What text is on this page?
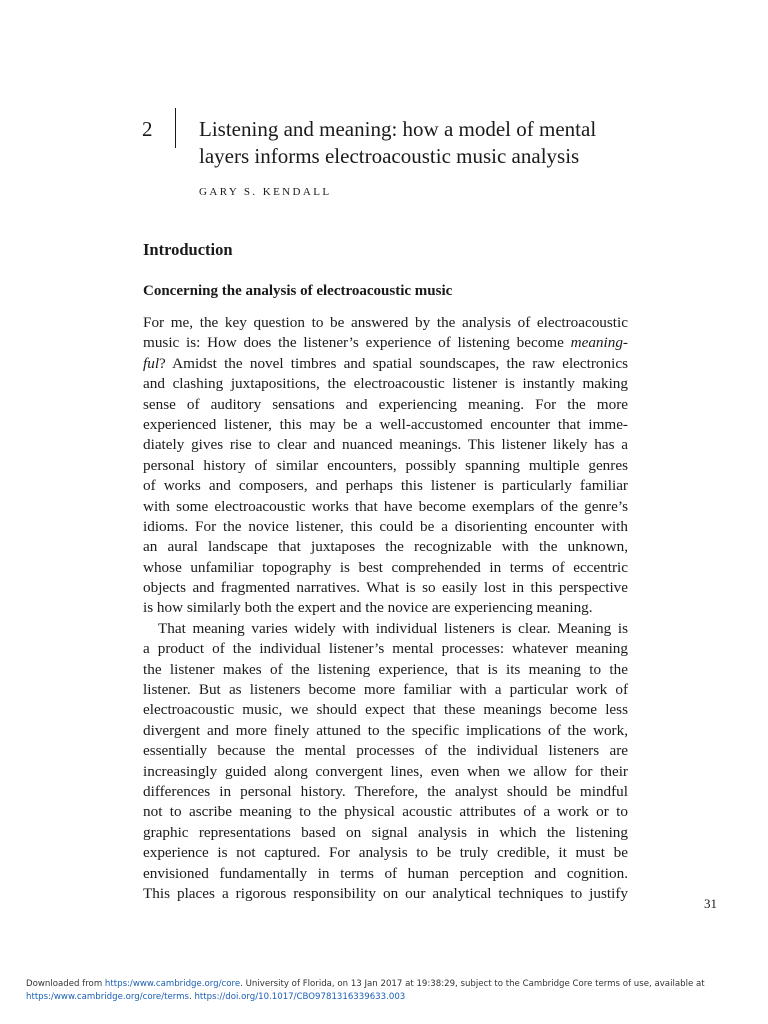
2 Listening and meaning: how a model of mental
layers informs electroacoustic music analysis
GARY S. KENDALL
Introduction
Concerning the analysis of electroacoustic music
For me, the key question to be answered by the analysis of electroacoustic
music is: How does the listener’s experience of listening become meaning-
ful? Amidst the novel timbres and spatial soundscapes, the raw electronics
and clashing juxtapositions, the electroacoustic listener is instantly making
sense of auditory sensations and experiencing meaning. For the more
experienced listener, this may be a well-accustomed encounter that imme-
diately gives rise to clear and nuanced meanings. This listener likely has a
personal history of similar encounters, possibly spanning multiple genres
of works and composers, and perhaps this listener is particularly familiar
with some electroacoustic works that have become exemplars of the genre’s
idioms. For the novice listener, this could be a disorienting encounter with
an aural landscape that juxtaposes the recognizable with the unknown,
whose unfamiliar topography is best comprehended in terms of eccentric
objects and fragmented narratives. What is so easily lost in this perspective
is how similarly both the expert and the novice are experiencing meaning.
That meaning varies widely with individual listeners is clear. Meaning is
a product of the individual listener’s mental processes: whatever meaning
the listener makes of the listening experience, that is its meaning to the
listener. But as listeners become more familiar with a particular work of
electroacoustic music, we should expect that these meanings become less
divergent and more finely attuned to the specific implications of the work,
essentially because the mental processes of the individual listeners are
increasingly guided along convergent lines, even when we allow for their
differences in personal history. Therefore, the analyst should be mindful
not to ascribe meaning to the physical acoustic attributes of a work or to
graphic representations based on signal analysis in which the listening
experience is not captured. For analysis to be truly credible, it must be
envisioned fundamentally in terms of human perception and cognition.
This places a rigorous responsibility on our analytical techniques to justify
31
Downloaded from https:/www.cambridge.org/core. University of Florida, on 13 Jan 2017 at 19:38:29, subject to the Cambridge Core terms of use, available at
https:/www.cambridge.org/core/terms. https://doi.org/10.1017/CBO9781316339633.003
